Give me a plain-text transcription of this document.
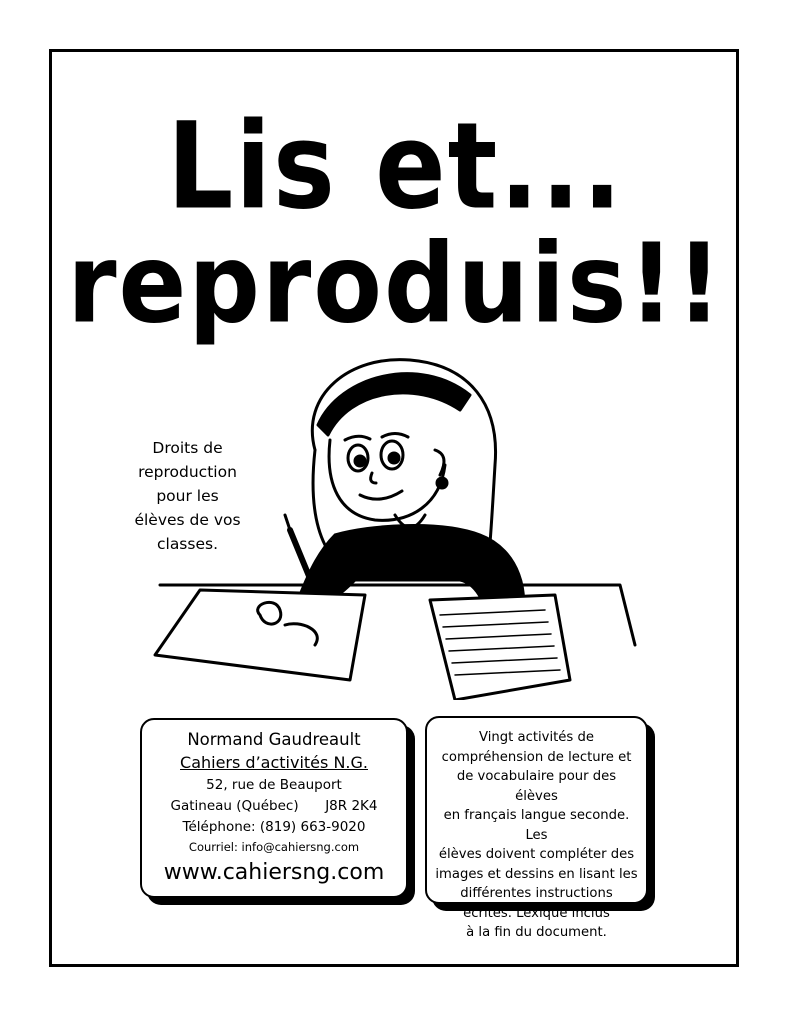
Lis et...
reproduis!!
Droits de
reproduction
pour les
élèves de vos
classes.
Normand Gaudreault
Cahiers d’activités N.G.
52, rue de Beauport
Gatineau (Québec) J8R 2K4
Téléphone: (819) 663-9020
Courriel: info@cahiersng.com
www.cahiersng.com
Vingt activités de
compréhension de lecture et
de vocabulaire pour des élèves
en français langue seconde. Les
élèves doivent compléter des
images et dessins en lisant les
différentes instructions
écrites. Lexique inclus
à la fin du document.
